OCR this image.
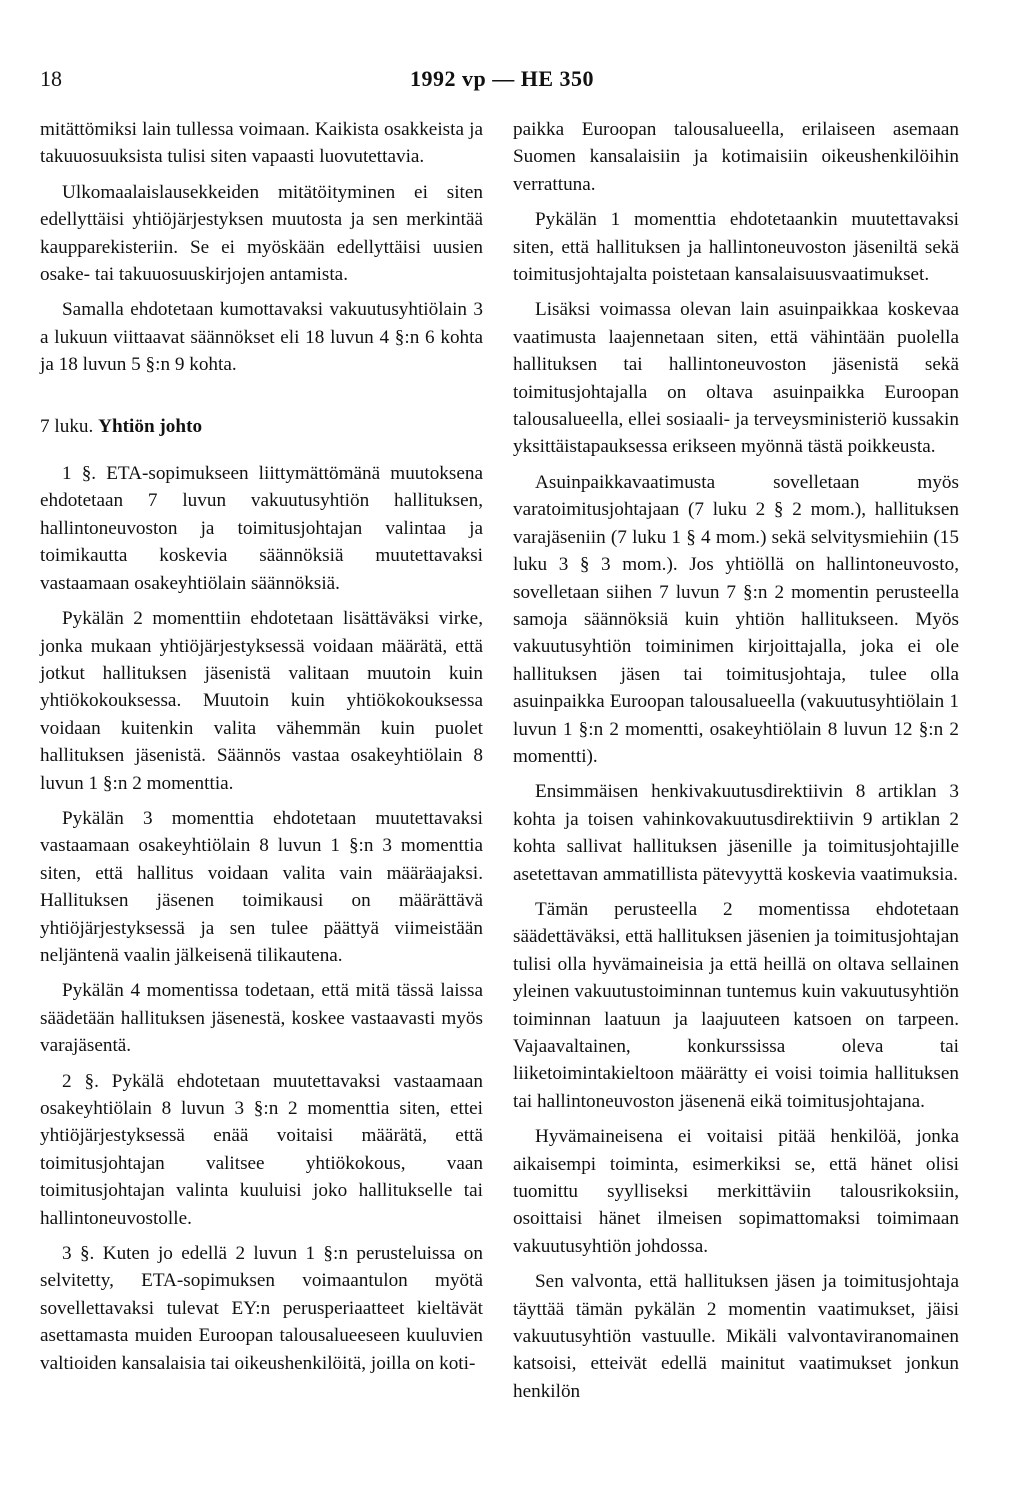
18	1992 vp — HE 350

mitättömiksi lain tullessa voimaan. Kaikista osakkeista ja takuuosuuksista tulisi siten vapaasti luovutettavia.

Ulkomaalaislausekkeiden mitätöityminen ei siten edellyttäisi yhtiöjärjestyksen muutosta ja sen merkintää kaupparekisteriin. Se ei myöskään edellyttäisi uusien osake- tai takuuosuuskirjojen antamista.

Samalla ehdotetaan kumottavaksi vakuutusyhtiölain 3 a lukuun viittaavat säännökset eli 18 luvun 4 §:n 6 kohta ja 18 luvun 5 §:n 9 kohta.

7 luku. Yhtiön johto

1 §. ETA-sopimukseen liittymättömänä muutoksena ehdotetaan 7 luvun vakuutusyhtiön hallituksen, hallintoneuvoston ja toimitusjohtajan valintaa ja toimikautta koskevia säännöksiä muutettavaksi vastaamaan osakeyhtiölain säännöksiä.

Pykälän 2 momenttiin ehdotetaan lisättäväksi virke, jonka mukaan yhtiöjärjestyksessä voidaan määrätä, että jotkut hallituksen jäsenistä valitaan muutoin kuin yhtiökokouksessa. Muutoin kuin yhtiökokouksessa voidaan kuitenkin valita vähemmän kuin puolet hallituksen jäsenistä. Säännös vastaa osakeyhtiölain 8 luvun 1 §:n 2 momenttia.

Pykälän 3 momenttia ehdotetaan muutettavaksi vastaamaan osakeyhtiölain 8 luvun 1 §:n 3 momenttia siten, että hallitus voidaan valita vain määräajaksi. Hallituksen jäsenen toimikausi on määrättävä yhtiöjärjestyksessä ja sen tulee päättyä viimeistään neljäntenä vaalin jälkeisenä tilikautena.

Pykälän 4 momentissa todetaan, että mitä tässä laissa säädetään hallituksen jäsenestä, koskee vastaavasti myös varajäsentä.

2 §. Pykälä ehdotetaan muutettavaksi vastaamaan osakeyhtiölain 8 luvun 3 §:n 2 momenttia siten, ettei yhtiöjärjestyksessä enää voitaisi määrätä, että toimitusjohtajan valitsee yhtiökokous, vaan toimitusjohtajan valinta kuuluisi joko hallitukselle tai hallintoneuvostolle.

3 §. Kuten jo edellä 2 luvun 1 §:n perusteluissa on selvitetty, ETA-sopimuksen voimaantulon myötä sovellettavaksi tulevat EY:n perusperiaatteet kieltävät asettamasta muiden Euroopan talousalueeseen kuuluvien valtioiden kansalaisia tai oikeushenkilöitä, joilla on koti-

paikka Euroopan talousalueella, erilaiseen asemaan Suomen kansalaisiin ja kotimaisiin oikeushenkilöihin verrattuna.

Pykälän 1 momenttia ehdotetaankin muutettavaksi siten, että hallituksen ja hallintoneuvoston jäseniltä sekä toimitusjohtajalta poistetaan kansalaisuusvaatimukset.

Lisäksi voimassa olevan lain asuinpaikkaa koskevaa vaatimusta laajennetaan siten, että vähintään puolella hallituksen tai hallintoneuvoston jäsenistä sekä toimitusjohtajalla on oltava asuinpaikka Euroopan talousalueella, ellei sosiaali- ja terveysministeriö kussakin yksittäistapauksessa erikseen myönnä tästä poikkeusta.

Asuinpaikkavaatimusta sovelletaan myös varatoimitusjohtajaan (7 luku 2 § 2 mom.), hallituksen varajäseniin (7 luku 1 § 4 mom.) sekä selvitysmiehiin (15 luku 3 § 3 mom.). Jos yhtiöllä on hallintoneuvosto, sovelletaan siihen 7 luvun 7 §:n 2 momentin perusteella samoja säännöksiä kuin yhtiön hallitukseen. Myös vakuutusyhtiön toiminimen kirjoittajalla, joka ei ole hallituksen jäsen tai toimitusjohtaja, tulee olla asuinpaikka Euroopan talousalueella (vakuutusyhtiölain 1 luvun 1 §:n 2 momentti, osakeyhtiölain 8 luvun 12 §:n 2 momentti).

Ensimmäisen henkivakuutusdirektiivin 8 artiklan 3 kohta ja toisen vahinkovakuutusdirektiivin 9 artiklan 2 kohta sallivat hallituksen jäsenille ja toimitusjohtajille asetettavan ammatillista pätevyyttä koskevia vaatimuksia.

Tämän perusteella 2 momentissa ehdotetaan säädettäväksi, että hallituksen jäsenien ja toimitusjohtajan tulisi olla hyvämaineisia ja että heillä on oltava sellainen yleinen vakuutustoiminnan tuntemus kuin vakuutusyhtiön toiminnan laatuun ja laajuuteen katsoen on tarpeen. Vajaavaltainen, konkurssissa oleva tai liiketoimintakieltoon määrätty ei voisi toimia hallituksen tai hallintoneuvoston jäsenenä eikä toimitusjohtajana.

Hyvämaineisena ei voitaisi pitää henkilöä, jonka aikaisempi toiminta, esimerkiksi se, että hänet olisi tuomittu syylliseksi merkittäviin talousrikoksiin, osoittaisi hänet ilmeisen sopimattomaksi toimimaan vakuutusyhtiön johdossa.

Sen valvonta, että hallituksen jäsen ja toimitusjohtaja täyttää tämän pykälän 2 momentin vaatimukset, jäisi vakuutusyhtiön vastuulle. Mikäli valvontaviranomainen katsoisi, etteivät edellä mainitut vaatimukset jonkun henkilön
